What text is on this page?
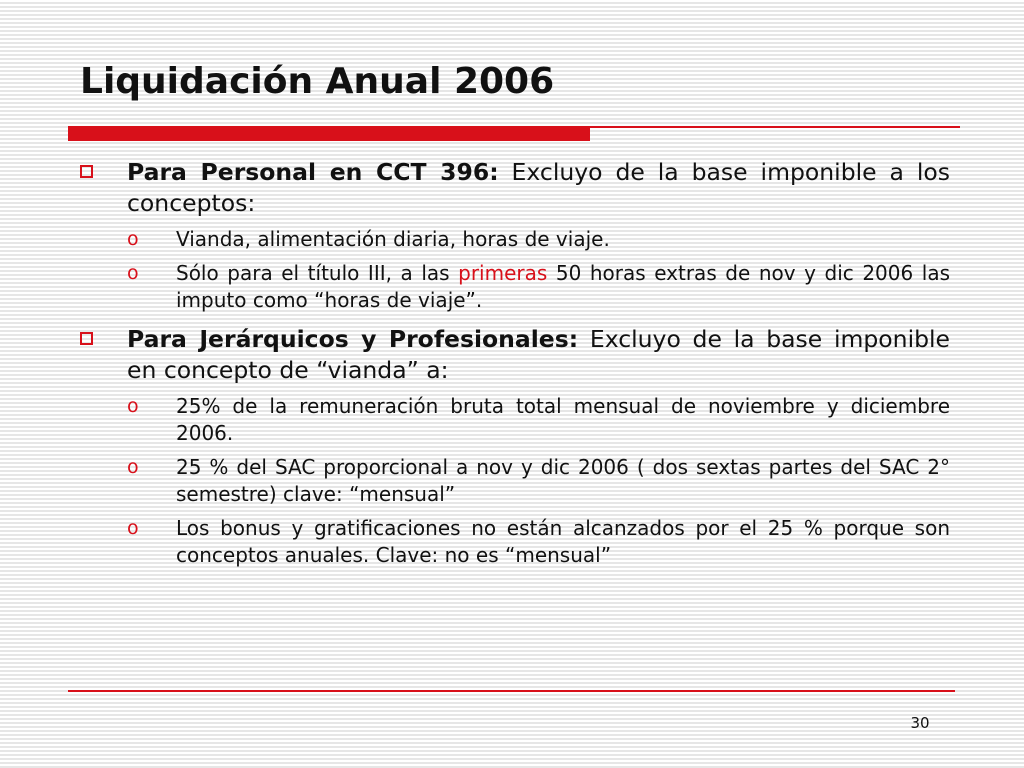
Liquidación Anual 2006
Para Personal en CCT 396: Excluyo de la base imponible a los conceptos:
o Vianda, alimentación diaria, horas de viaje.
o Sólo para el título III, a las primeras 50 horas extras de nov y dic 2006 las imputo como “horas de viaje”.
Para Jerárquicos y Profesionales: Excluyo de la base imponible en concepto de “vianda” a:
o 25% de la remuneración bruta total mensual de noviembre y diciembre 2006.
o 25 % del SAC proporcional a nov y dic 2006 ( dos sextas partes del SAC 2° semestre) clave: “mensual”
o Los bonus y gratificaciones no están alcanzados por el 25 % porque son conceptos anuales. Clave: no es “mensual”
30
